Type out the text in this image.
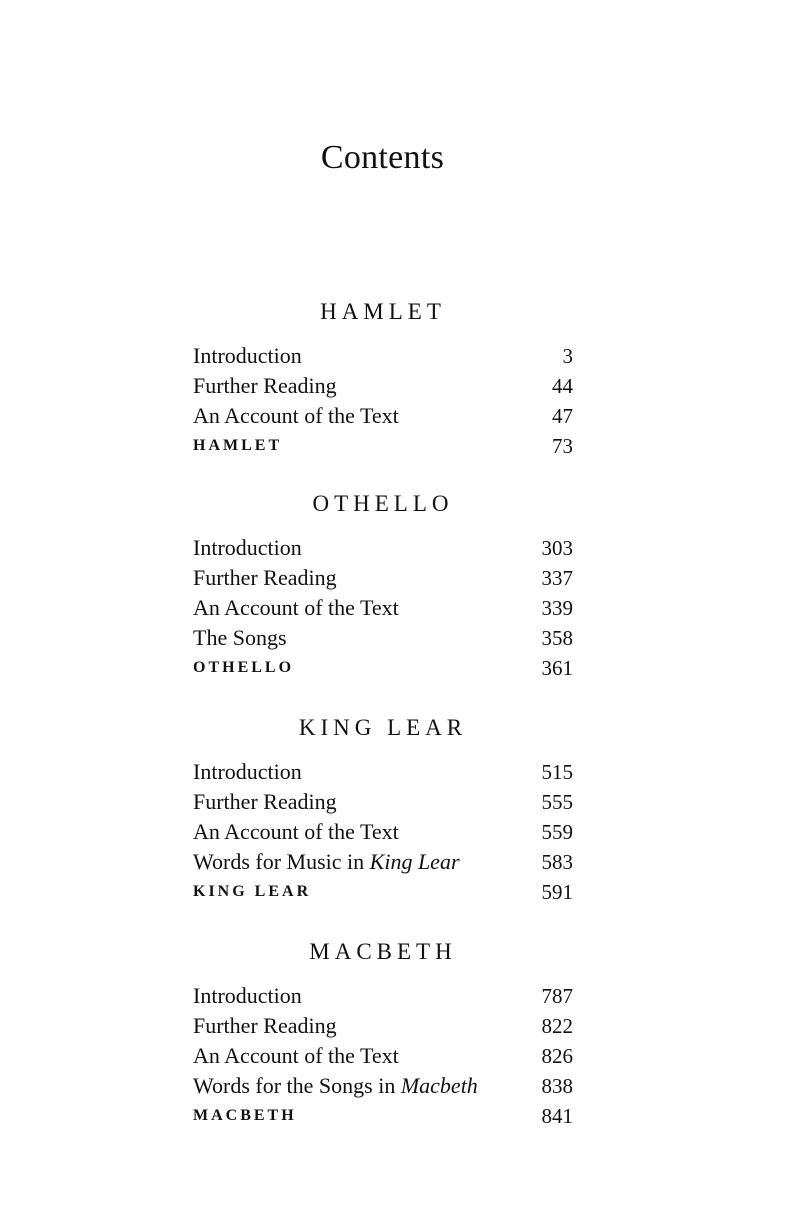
Contents
HAMLET
Introduction	3
Further Reading	44
An Account of the Text	47
HAMLET	73
OTHELLO
Introduction	303
Further Reading	337
An Account of the Text	339
The Songs	358
OTHELLO	361
KING LEAR
Introduction	515
Further Reading	555
An Account of the Text	559
Words for Music in King Lear	583
KING LEAR	591
MACBETH
Introduction	787
Further Reading	822
An Account of the Text	826
Words for the Songs in Macbeth	838
MACBETH	841
